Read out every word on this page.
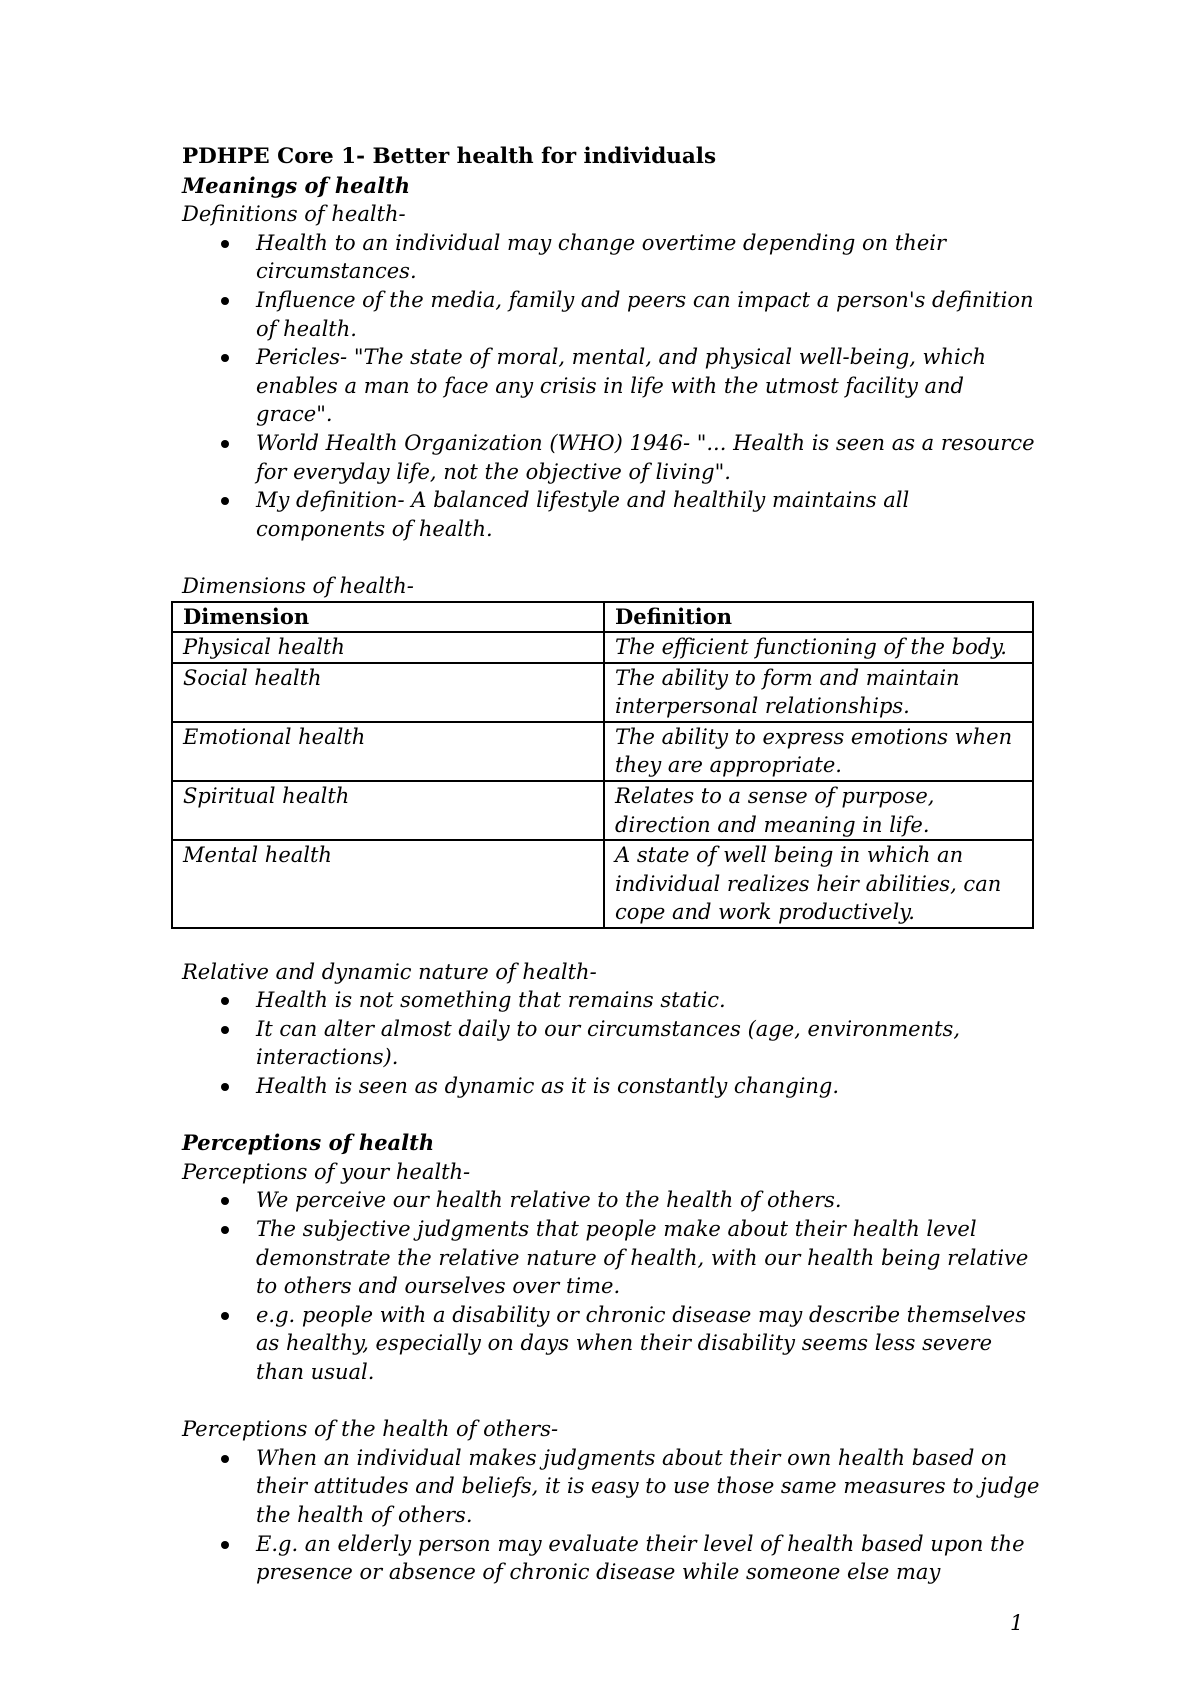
PDHPE Core 1- Better health for individuals
Meanings of health
Definitions of health-
Health to an individual may change overtime depending on their circumstances.
Influence of the media, family and peers can impact a person's definition of health.
Pericles- "The state of moral, mental, and physical well-being, which enables a man to face any crisis in life with the utmost facility and grace".
World Health Organization (WHO) 1946- "... Health is seen as a resource for everyday life, not the objective of living".
My definition- A balanced lifestyle and healthily maintains all components of health.
Dimensions of health-
Dimension	Definition
Physical health	The efficient functioning of the body.
Social health	The ability to form and maintain interpersonal relationships.
Emotional health	The ability to express emotions when they are appropriate.
Spiritual health	Relates to a sense of purpose, direction and meaning in life.
Mental health	A state of well being in which an individual realizes heir abilities, can cope and work productively.
Relative and dynamic nature of health-
Health is not something that remains static.
It can alter almost daily to our circumstances (age, environments, interactions).
Health is seen as dynamic as it is constantly changing.
Perceptions of health
Perceptions of your health-
We perceive our health relative to the health of others.
The subjective judgments that people make about their health level demonstrate the relative nature of health, with our health being relative to others and ourselves over time.
e.g. people with a disability or chronic disease may describe themselves as healthy, especially on days when their disability seems less severe than usual.
Perceptions of the health of others-
When an individual makes judgments about their own health based on their attitudes and beliefs, it is easy to use those same measures to judge the health of others.
E.g. an elderly person may evaluate their level of health based upon the presence or absence of chronic disease while someone else may
1
